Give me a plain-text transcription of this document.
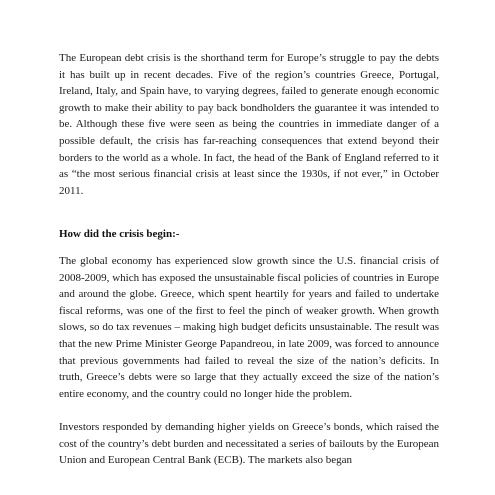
The European debt crisis is the shorthand term for Europe’s struggle to pay the debts it has built up in recent decades. Five of the region’s countries Greece, Portugal, Ireland, Italy, and Spain have, to varying degrees, failed to generate enough economic growth to make their ability to pay back bondholders the guarantee it was intended to be. Although these five were seen as being the countries in immediate danger of a possible default, the crisis has far-reaching consequences that extend beyond their borders to the world as a whole. In fact, the head of the Bank of England referred to it as “the most serious financial crisis at least since the 1930s, if not ever,” in October 2011.

How did the crisis begin:-

The global economy has experienced slow growth since the U.S. financial crisis of 2008-2009, which has exposed the unsustainable fiscal policies of countries in Europe and around the globe. Greece, which spent heartily for years and failed to undertake fiscal reforms, was one of the first to feel the pinch of weaker growth. When growth slows, so do tax revenues – making high budget deficits unsustainable. The result was that the new Prime Minister George Papandreou, in late 2009, was forced to announce that previous governments had failed to reveal the size of the nation’s deficits. In truth, Greece’s debts were so large that they actually exceed the size of the nation’s entire economy, and the country could no longer hide the problem.

Investors responded by demanding higher yields on Greece’s bonds, which raised the cost of the country’s debt burden and necessitated a series of bailouts by the European Union and European Central Bank (ECB). The markets also began
